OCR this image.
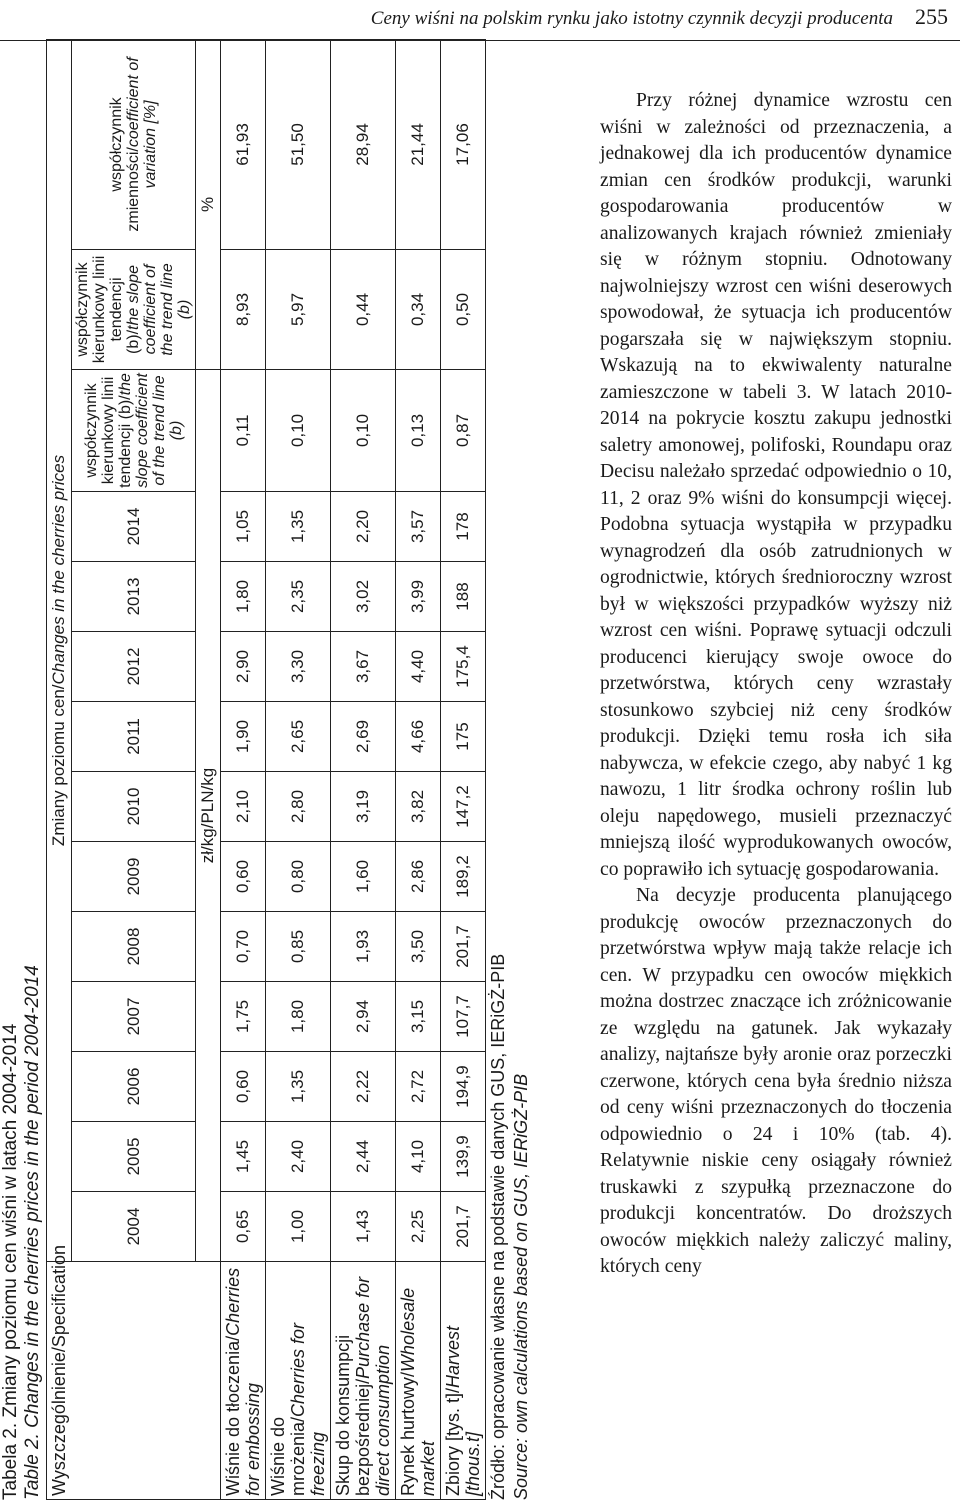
Ceny wiśni na polskim rynku jako istotny czynnik decyzji producenta 255
Tabela 2. Zmiany poziomu cen wiśni w latach 2004-2014 Table 2. Changes in the cherries prices in the period 2004-2014 Wyszczególnienie/Specification	Zmiany poziomu cen/Changes in the cherries prices													
	2004	2005	2006	2007	2008	2009	2010	2011	2012	2013	2014	współczynnik kierunkowy linii tendencji (b)/the slope coefficient of the trend line (b)	współczynnik kierunkowy linii tendencji (b)/the slope coefficient of the trend line (b)	współczynnik zmienności/coefficient of variation [%]
	zł/kg/PLN/kg												%	
Wiśnie do tłoczenia/Cherries for embossing	0,65	1,45	0,60	1,75	0,70	0,60	2,10	1,90	2,90	1,80	1,05	0,11	8,93	61,93
Wiśnie do mrożenia/Cherries for freezing	1,00	2,40	1,35	1,80	0,85	0,80	2,80	2,65	3,30	2,35	1,35	0,10	5,97	51,50
Skup do konsumpcji bezpośredniej/Purchase for direct consumption	1,43	2,44	2,22	2,94	1,93	1,60	3,19	2,69	3,67	3,02	2,20	0,10	0,44	28,94
Rynek hurtowy/Wholesale market	2,25	4,10	2,72	3,15	3,50	2,86	3,82	4,66	4,40	3,99	3,57	0,13	0,34	21,44
Zbiory [tys. t]/Harvest [thous.t]	201,7	139,9	194,9	107,7	201,7	189,2	147,2	175	175,4	188	178	0,87	0,50	17,06
Źródło: opracowanie własne na podstawie danych GUS, IERiGŻ-PIB Source: own calculations based on GUS, IERiGŻ-PIB

Przy różnej dynamice wzrostu cen wiśni w zależności od przeznaczenia, a jednakowej dla ich producentów dynamice zmian cen środków produkcji, warunki gospodarowania producentów w analizowanych krajach również zmieniały się w różnym stopniu. Odnotowany najwolniejszy wzrost cen wiśni deserowych spowodował, że sytuacja ich producentów pogarszała się w największym stopniu. Wskazują na to ekwiwalenty naturalne zamieszczone w tabeli 3. W latach 2010-2014 na pokrycie kosztu zakupu jednostki saletry amonowej, polifoski, Roundapu oraz Decisu należało sprzedać odpowiednio o 10, 11, 2 oraz 9% wiśni do konsumpcji więcej. Podobna sytuacja wystąpiła w przypadku wynagrodzeń dla osób zatrudnionych w ogrodnictwie, których średnioroczny wzrost był w większości przypadków wyższy niż wzrost cen wiśni. Poprawę sytuacji odczuli producenci kierujący swoje owoce do przetwórstwa, których ceny wzrastały stosunkowo szybciej niż ceny środków produkcji. Dzięki temu rosła ich siła nabywcza, w efekcie czego, aby nabyć 1 kg nawozu, 1 litr środka ochrony roślin lub oleju napędowego, musieli przeznaczyć mniejszą ilość wyprodukowanych owoców, co poprawiło ich sytuację gospodarowania.

Na decyzje producenta planującego produkcję owoców przeznaczonych do przetwórstwa wpływ mają także relacje ich cen. W przypadku cen owoców miękkich można dostrzec znaczące ich zróżnicowanie ze względu na gatunek. Jak wykazały analizy, najtańsze były aronie oraz porzeczki czerwone, których cena była średnio niższa od ceny wiśni przeznaczonych do tłoczenia odpowiednio o 24 i 10% (tab. 4). Relatywnie niskie ceny osiągały również truskawki z szypułką przeznaczone do produkcji koncentratów. Do droższych owoców miękkich należy zaliczyć maliny, których ceny
